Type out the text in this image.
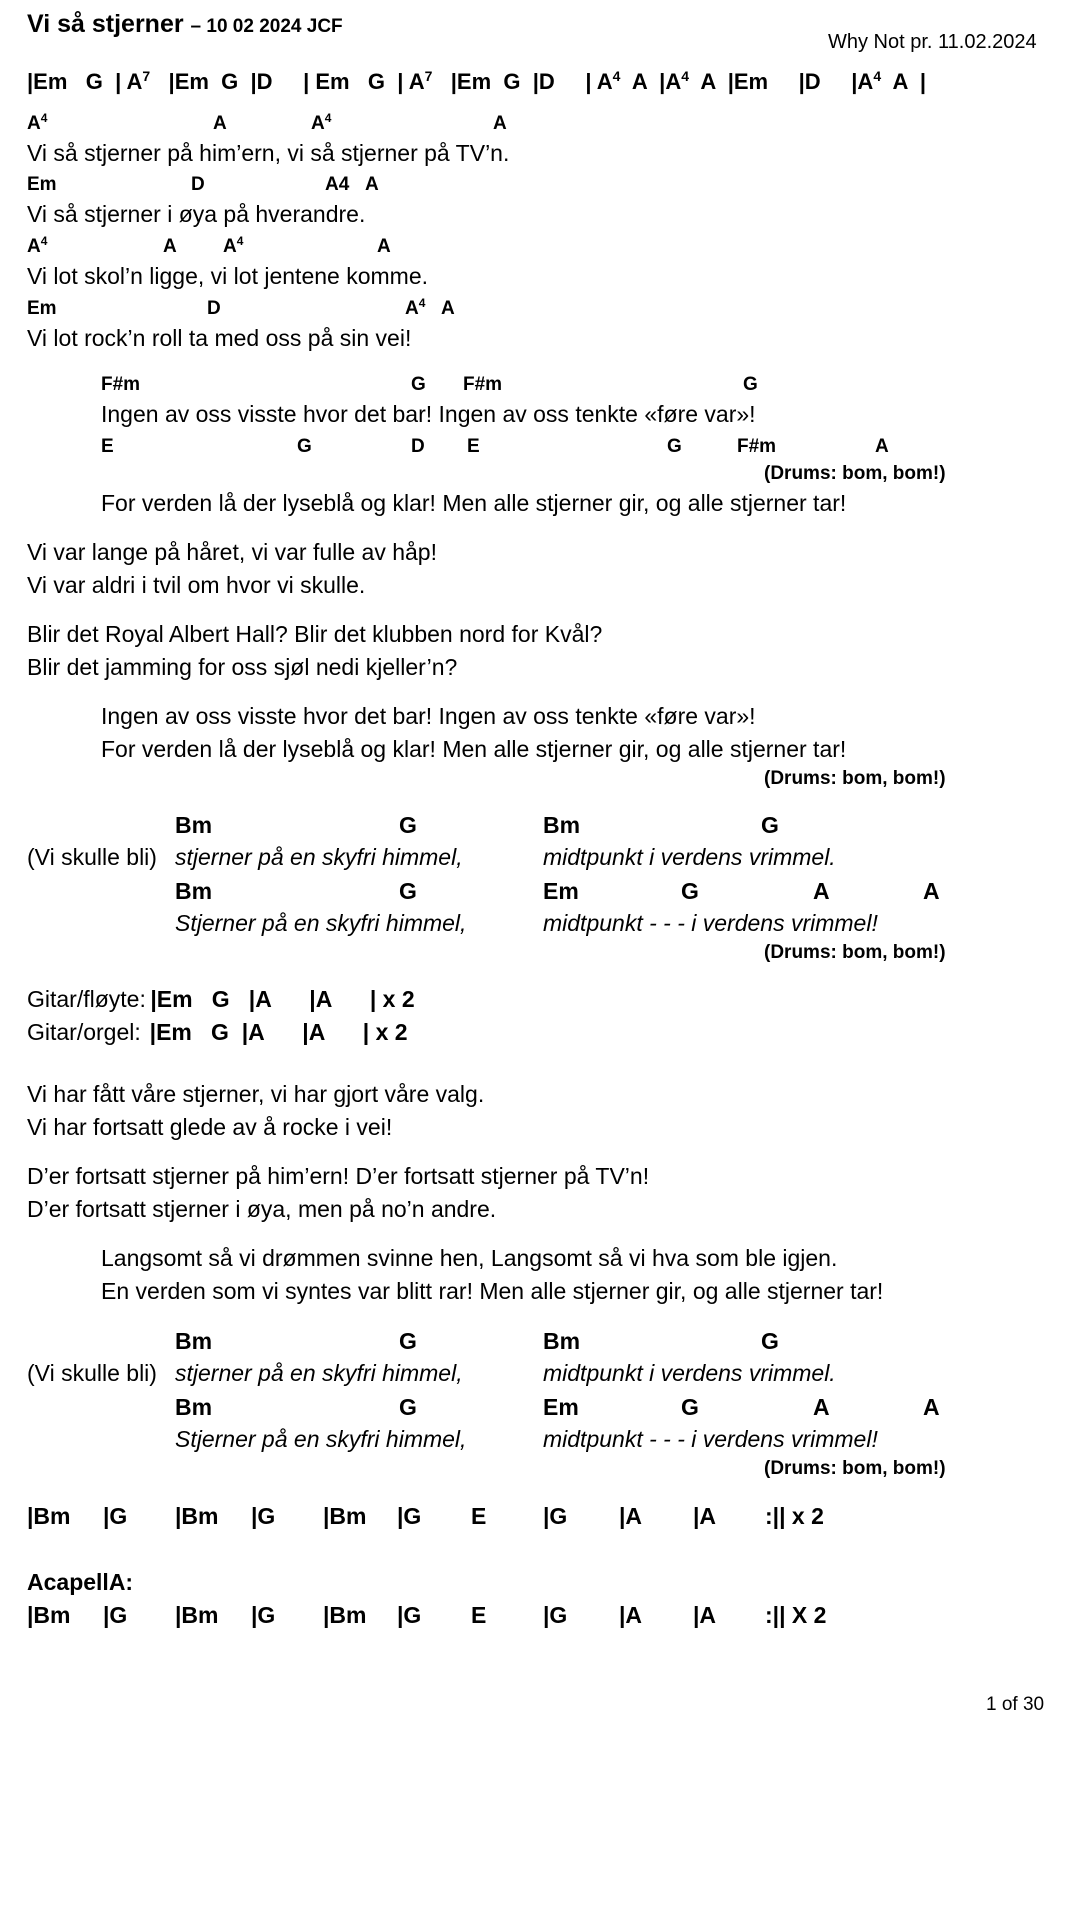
Vi så stjerner – 10 02 2024 JCF
Why Not pr. 11.02.2024
|Em   G  | $A^7$   |Em  G  |D     | Em   G  | $A^7$   |Em  G  |D     | $A^4$  A  $|A^4$  A  |Em     |D     $|A^4$  A  |

$A^4$

	A

	$A^4$

	A

Vi så stjerner på him’ern, vi så stjerner på TV’n.

Em

	D

	A4

A

Vi så stjerner i øya på hverandre.

$A^4$

	A

$A^4$

	A

Vi lot skol’n ligge, vi lot jentene komme.

Em

	D

	$A^4$

A

Vi lot rock’n roll ta med oss på sin vei!

F#m

	G

F#m

	G

Ingen av oss visste hvor det bar! Ingen av oss tenkte «føre var»!

E

	G

	D

E

	G

	F#m

	A

(Drums: bom, bom!)
For verden lå der lyseblå og klar! Men alle stjerner gir, og alle stjerner tar!
Vi var lange på håret, vi var fulle av håp!
Vi var aldri i tvil om hvor vi skulle.
Blir det Royal Albert Hall? Blir det klubben nord for Kvål?
Blir det jamming for oss sjøl nedi kjeller’n?
Ingen av oss visste hvor det bar! Ingen av oss tenkte «føre var»!
For verden lå der lyseblå og klar! Men alle stjerner gir, og alle stjerner tar!
(Drums: bom, bom!)

Bm

	G

	Bm

	G

(Vi skulle bli) stjerner på en skyfri himmel,	midtpunkt i verdens vrimmel.

Bm

	G

	Em

	G

	A

	A

Stjerner på en skyfri himmel,	midtpunkt - - - i verdens vrimmel!
(Drums: bom, bom!)
Gitar/fløyte: |Em   G   |A      |A      | x 2
Gitar/orgel: |Em   G  |A      |A      | x 2
Vi har fått våre stjerner, vi har gjort våre valg.
Vi har fortsatt glede av å rocke i vei!
D’er fortsatt stjerner på him’ern! D’er fortsatt stjerner på TV’n!
D’er fortsatt stjerner i øya, men på no’n andre.
Langsomt så vi drømmen svinne hen, Langsomt så vi hva som ble igjen.
En verden som vi syntes var blitt rar! Men alle stjerner gir, og alle stjerner tar!

Bm

	G

	Bm

	G

(Vi skulle bli) stjerner på en skyfri himmel,	midtpunkt i verdens vrimmel.

Bm

	G

	Em

	G

	A

	A

Stjerner på en skyfri himmel,	midtpunkt - - - i verdens vrimmel!
(Drums: bom, bom!)

|Bm

|G

|Bm

|G

|Bm

|G

E

|G

|A

|A

:|| x 2

AcapellA:

|Bm

|G

|Bm

|G

|Bm

|G

E

|G

|A

|A

:|| X 2

1 of 30
